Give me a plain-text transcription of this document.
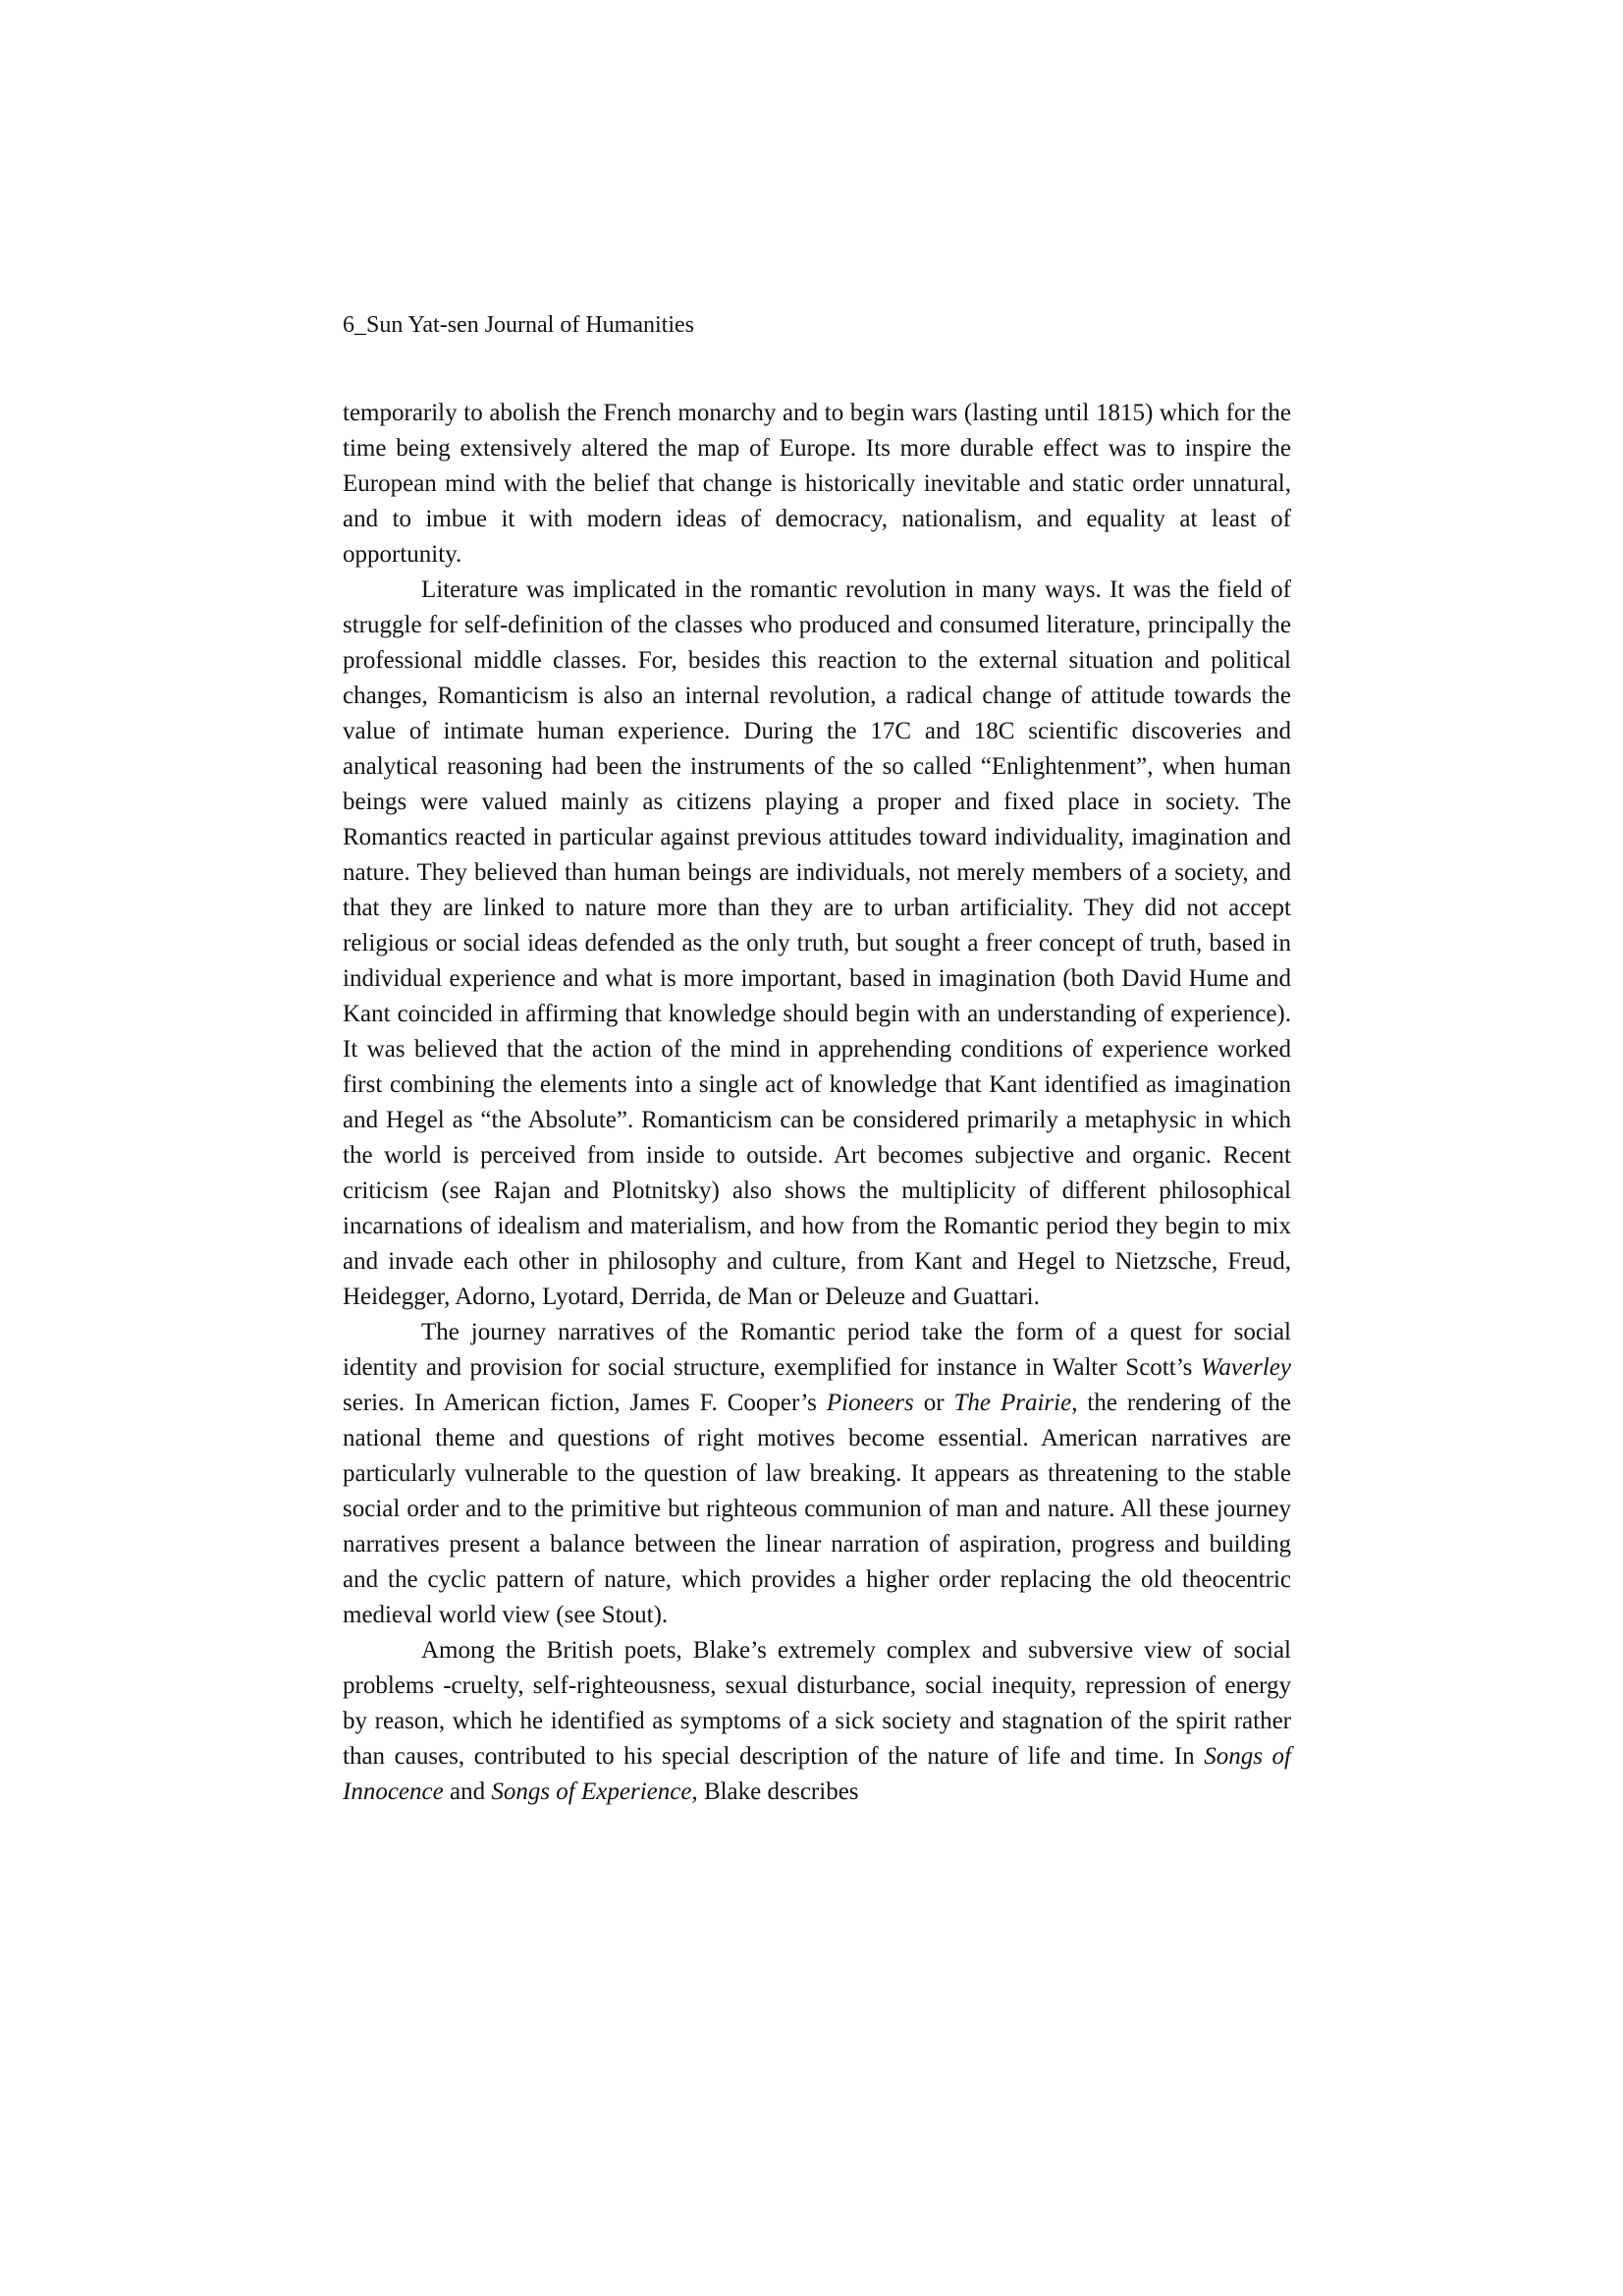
6_Sun Yat-sen Journal of Humanities

temporarily to abolish the French monarchy and to begin wars (lasting until 1815) which for the time being extensively altered the map of Europe. Its more durable effect was to inspire the European mind with the belief that change is historically inevitable and static order unnatural, and to imbue it with modern ideas of democracy, nationalism, and equality at least of opportunity.

Literature was implicated in the romantic revolution in many ways. It was the field of struggle for self-definition of the classes who produced and consumed literature, principally the professional middle classes. For, besides this reaction to the external situation and political changes, Romanticism is also an internal revolution, a radical change of attitude towards the value of intimate human experience. During the 17C and 18C scientific discoveries and analytical reasoning had been the instruments of the so called “Enlightenment”, when human beings were valued mainly as citizens playing a proper and fixed place in society. The Romantics reacted in particular against previous attitudes toward individuality, imagination and nature. They believed than human beings are individuals, not merely members of a society, and that they are linked to nature more than they are to urban artificiality. They did not accept religious or social ideas defended as the only truth, but sought a freer concept of truth, based in individual experience and what is more important, based in imagination (both David Hume and Kant coincided in affirming that knowledge should begin with an understanding of experience). It was believed that the action of the mind in apprehending conditions of experience worked first combining the elements into a single act of knowledge that Kant identified as imagination and Hegel as “the Absolute”. Romanticism can be considered primarily a metaphysic in which the world is perceived from inside to outside. Art becomes subjective and organic. Recent criticism (see Rajan and Plotnitsky) also shows the multiplicity of different philosophical incarnations of idealism and materialism, and how from the Romantic period they begin to mix and invade each other in philosophy and culture, from Kant and Hegel to Nietzsche, Freud, Heidegger, Adorno, Lyotard, Derrida, de Man or Deleuze and Guattari.

The journey narratives of the Romantic period take the form of a quest for social identity and provision for social structure, exemplified for instance in Walter Scott’s Waverley series. In American fiction, James F. Cooper’s Pioneers or The Prairie, the rendering of the national theme and questions of right motives become essential. American narratives are particularly vulnerable to the question of law breaking. It appears as threatening to the stable social order and to the primitive but righteous communion of man and nature. All these journey narratives present a balance between the linear narration of aspiration, progress and building and the cyclic pattern of nature, which provides a higher order replacing the old theocentric medieval world view (see Stout).

Among the British poets, Blake’s extremely complex and subversive view of social problems -cruelty, self-righteousness, sexual disturbance, social inequity, repression of energy by reason, which he identified as symptoms of a sick society and stagnation of the spirit rather than causes, contributed to his special description of the nature of life and time. In Songs of Innocence and Songs of Experience, Blake describes
